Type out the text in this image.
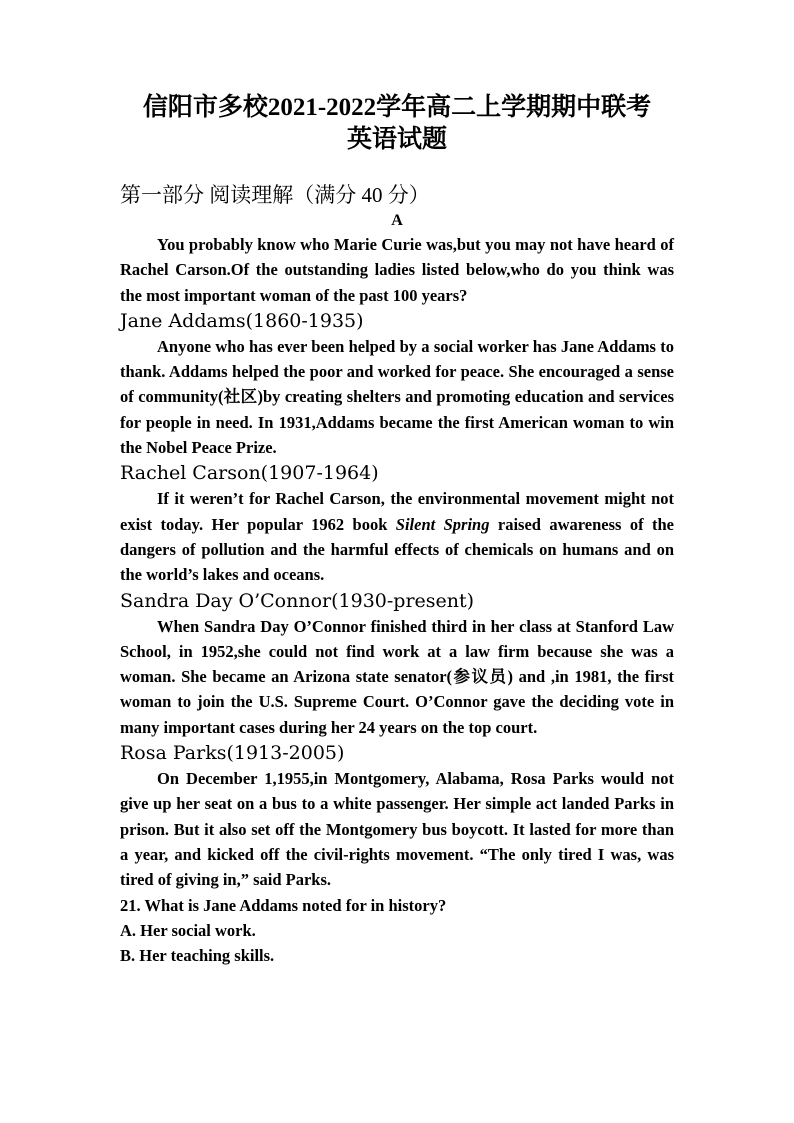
信阳市多校2021-2022学年高二上学期期中联考
英语试题
第一部分 阅读理解（满分 40 分）
A

You probably know who Marie Curie was,but you may not have heard of Rachel Carson.Of the outstanding ladies listed below,who do you think was the most important woman of the past 100 years?

Jane Addams(1860-1935)

Anyone who has ever been helped by a social worker has Jane Addams to thank. Addams helped the poor and worked for peace. She encouraged a sense of community(社区)by creating shelters and promoting education and services for people in need. In 1931,Addams became the first American woman to win the Nobel Peace Prize.

Rachel Carson(1907-1964)

If it weren’t for Rachel Carson, the environmental movement might not exist today. Her popular 1962 book Silent Spring raised awareness of the dangers of pollution and the harmful effects of chemicals on humans and on the world’s lakes and oceans.

Sandra Day O’Connor(1930-present)

When Sandra Day O’Connor finished third in her class at Stanford Law School, in 1952,she could not find work at a law firm because she was a woman. She became an Arizona state senator(参议员) and ,in 1981, the first woman to join the U.S. Supreme Court. O’Connor gave the deciding vote in many important cases during her 24 years on the top court.

Rosa Parks(1913-2005)

On December 1,1955,in Montgomery, Alabama, Rosa Parks would not give up her seat on a bus to a white passenger. Her simple act landed Parks in prison. But it also set off the Montgomery bus boycott. It lasted for more than a year, and kicked off the civil-rights movement. “The only tired I was, was tired of giving in,” said Parks.

21. What is Jane Addams noted for in history?
A. Her social work.
B. Her teaching skills.
